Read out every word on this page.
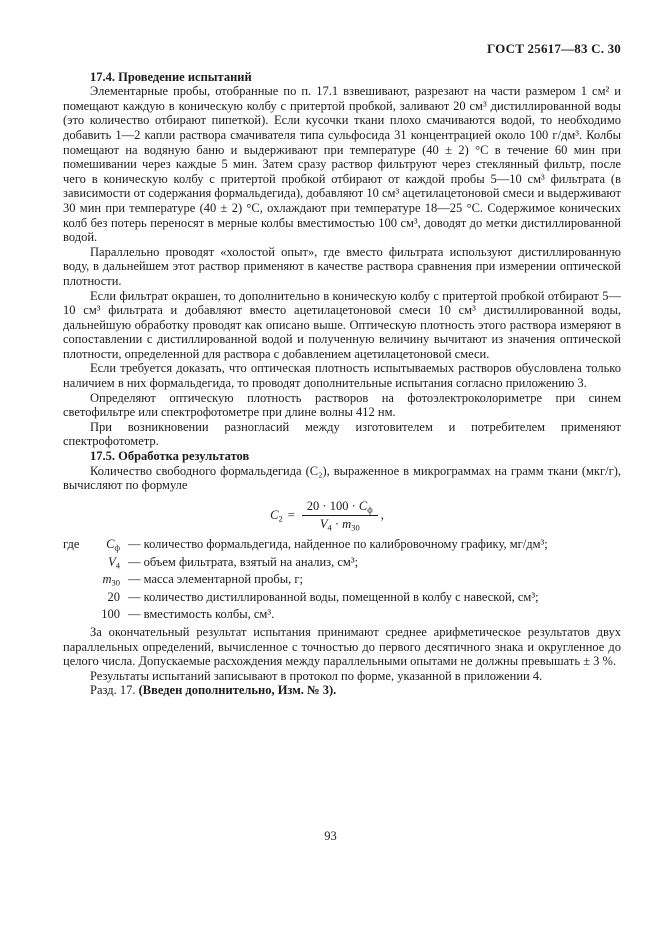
ГОСТ 25617—83 С. 30
17.4. Проведение испытаний

Элементарные пробы, отобранные по п. 17.1 взвешивают, разрезают на части размером 1 см² и помещают каждую в коническую колбу с притертой пробкой, заливают 20 см³ дистиллированной воды (это количество отбирают пипеткой). Если кусочки ткани плохо смачиваются водой, то необходимо добавить 1—2 капли раствора смачивателя типа сульфосида 31 концентрацией около 100 г/дм³. Колбы помещают на водяную баню и выдерживают при температуре (40 ± 2) °С в течение 60 мин при помешивании через каждые 5 мин. Затем сразу раствор фильтруют через стеклянный фильтр, после чего в коническую колбу с притертой пробкой отбирают от каждой пробы 5—10 см³ фильтрата (в зависимости от содержания формальдегида), добавляют 10 см³ ацетилацетоновой смеси и выдерживают 30 мин при температуре (40 ± 2) °С, охлаждают при температуре 18—25 °С. Содержимое конических колб без потерь переносят в мерные колбы вместимостью 100 см³, доводят до метки дистиллированной водой.

Параллельно проводят «холостой опыт», где вместо фильтрата используют дистиллированную воду, в дальнейшем этот раствор применяют в качестве раствора сравнения при измерении оптической плотности.

Если фильтрат окрашен, то дополнительно в коническую колбу с притертой пробкой отбирают 5—10 см³ фильтрата и добавляют вместо ацетилацетоновой смеси 10 см³ дистиллированной воды, дальнейшую обработку проводят как описано выше. Оптическую плотность этого раствора измеряют в сопоставлении с дистиллированной водой и полученную величину вычитают из значения оптической плотности, определенной для раствора с добавлением ацетилацетоновой смеси.

Если требуется доказать, что оптическая плотность испытываемых растворов обусловлена только наличием в них формальдегида, то проводят дополнительные испытания согласно приложению 3.

Определяют оптическую плотность растворов на фотоэлектроколориметре при синем светофильтре или спектрофотометре при длине волны 412 нм.

При возникновении разногласий между изготовителем и потребителем применяют спектрофотометр.

17.5. Обработка результатов

Количество свободного формальдегида (C₂), выраженное в микрограммах на грамм ткани (мкг/г), вычисляют по формуле

$C_2 = \frac{20 \cdot 100 \cdot C_ф}{V_4 \cdot m_{30}}$ ,
где	$C_ф$ — количество формальдегида, найденное по калибровочному графику, мг/дм³;
$V_4$ — объем фильтрата, взятый на анализ, см³;
$m_{30}$ — масса элементарной пробы, г;
20 — количество дистиллированной воды, помещенной в колбу с навеской, см³;
100 — вместимость колбы, см³.

За окончательный результат испытания принимают среднее арифметическое результатов двух параллельных определений, вычисленное с точностью до первого десятичного знака и округленное до целого числа. Допускаемые расхождения между параллельными опытами не должны превышать ± 3 %.

Результаты испытаний записывают в протокол по форме, указанной в приложении 4.

Разд. 17. (Введен дополнительно, Изм. № 3).

93
